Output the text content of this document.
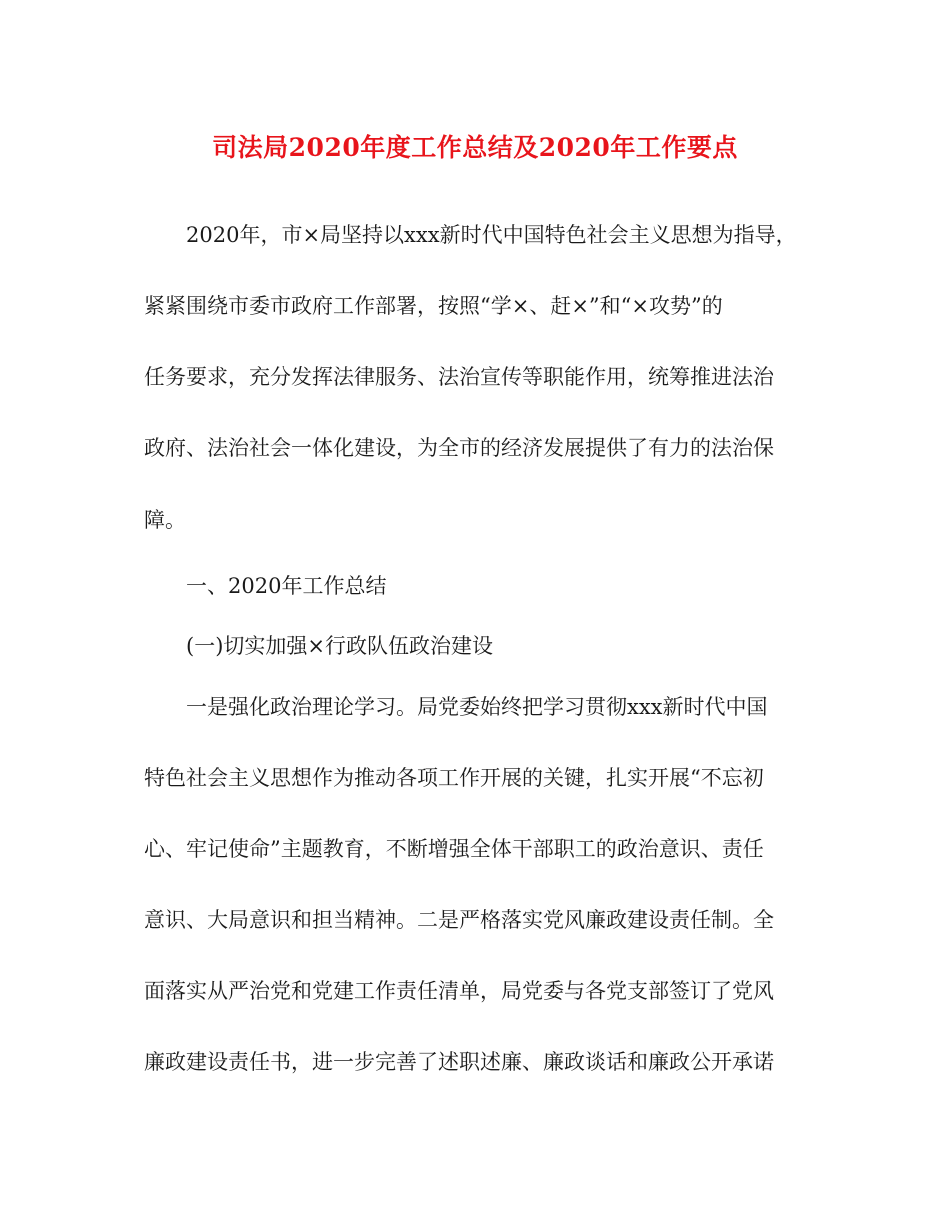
司法局2020年度工作总结及2020年工作要点
2020年，市×局坚持以xxx新时代中国特色社会主义思想为指导，
紧紧围绕市委市政府工作部署，按照“学×、赶×”和“×攻势”的
任务要求，充分发挥法律服务、法治宣传等职能作用，统筹推进法治
政府、法治社会一体化建设，为全市的经济发展提供了有力的法治保
障。
一、2020年工作总结
(一)切实加强×行政队伍政治建设
一是强化政治理论学习。局党委始终把学习贯彻xxx新时代中国
特色社会主义思想作为推动各项工作开展的关键，扎实开展“不忘初
心、牢记使命”主题教育，不断增强全体干部职工的政治意识、责任
意识、大局意识和担当精神。二是严格落实党风廉政建设责任制。全
面落实从严治党和党建工作责任清单，局党委与各党支部签订了党风
廉政建设责任书，进一步完善了述职述廉、廉政谈话和廉政公开承诺
